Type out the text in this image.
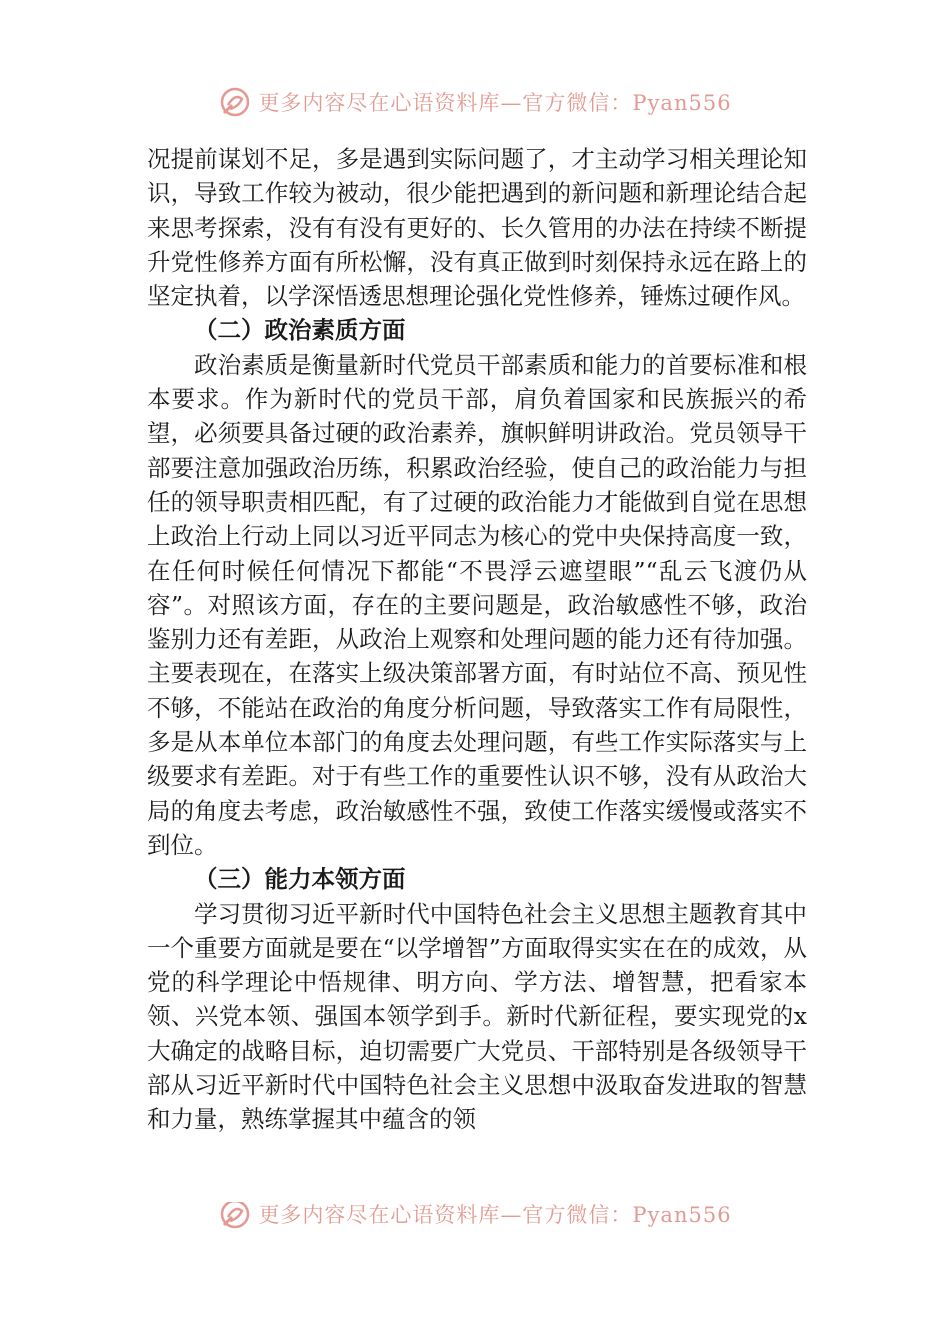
更多内容尽在心语资料库—官方微信：Pyan556

况提前谋划不足，多是遇到实际问题了，才主动学习相关理论知识，导致工作较为被动，很少能把遇到的新问题和新理论结合起来思考探索，没有有没有更好的、长久管用的办法在持续不断提升党性修养方面有所松懈，没有真正做到时刻保持永远在路上的坚定执着，以学深悟透思想理论强化党性修养，锤炼过硬作风。

（二）政治素质方面

政治素质是衡量新时代党员干部素质和能力的首要标准和根本要求。作为新时代的党员干部，肩负着国家和民族振兴的希望，必须要具备过硬的政治素养，旗帜鲜明讲政治。党员领导干部要注意加强政治历练，积累政治经验，使自己的政治能力与担任的领导职责相匹配，有了过硬的政治能力才能做到自觉在思想上政治上行动上同以习近平同志为核心的党中央保持高度一致，在任何时候任何情况下都能“不畏浮云遮望眼”“乱云飞渡仍从容”。对照该方面，存在的主要问题是，政治敏感性不够，政治鉴别力还有差距，从政治上观察和处理问题的能力还有待加强。主要表现在，在落实上级决策部署方面，有时站位不高、预见性不够，不能站在政治的角度分析问题，导致落实工作有局限性，多是从本单位本部门的角度去处理问题，有些工作实际落实与上级要求有差距。对于有些工作的重要性认识不够，没有从政治大局的角度去考虑，政治敏感性不强，致使工作落实缓慢或落实不到位。

（三）能力本领方面

学习贯彻习近平新时代中国特色社会主义思想主题教育其中一个重要方面就是要在“以学增智”方面取得实实在在的成效，从党的科学理论中悟规律、明方向、学方法、增智慧，把看家本领、兴党本领、强国本领学到手。新时代新征程，要实现党的x大确定的战略目标，迫切需要广大党员、干部特别是各级领导干部从习近平新时代中国特色社会主义思想中汲取奋发进取的智慧和力量，熟练掌握其中蕴含的领

更多内容尽在心语资料库—官方微信：Pyan556
